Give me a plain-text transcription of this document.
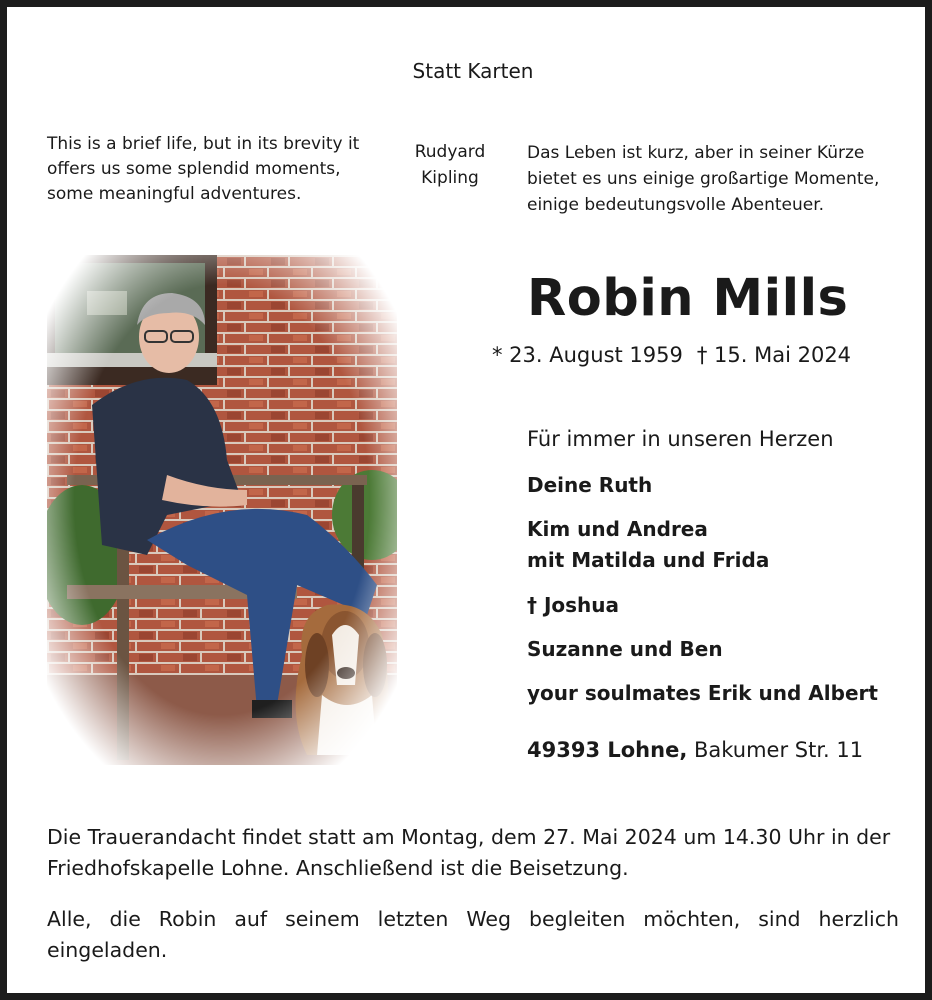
Statt Karten
This is a brief life, but in its brevity it
offers us some splendid moments,
some meaningful adventures.
Rudyard
Kipling
Das Leben ist kurz, aber in seiner Kürze
bietet es uns einige großartige Momente,
einige bedeutungsvolle Abenteuer.
Robin Mills
* 23. August 1959 † 15. Mai 2024
Für immer in unseren Herzen
Deine Ruth
Kim und Andrea
mit Matilda und Frida
† Joshua
Suzanne und Ben
your soulmates Erik und Albert
49393 Lohne, Bakumer Str. 11
Die Trauerandacht findet statt am Montag, dem 27. Mai 2024 um 14.30 Uhr in der Friedhofskapelle Lohne. Anschließend ist die Beisetzung.
Alle, die Robin auf seinem letzten Weg begleiten möchten, sind herzlich eingeladen.
